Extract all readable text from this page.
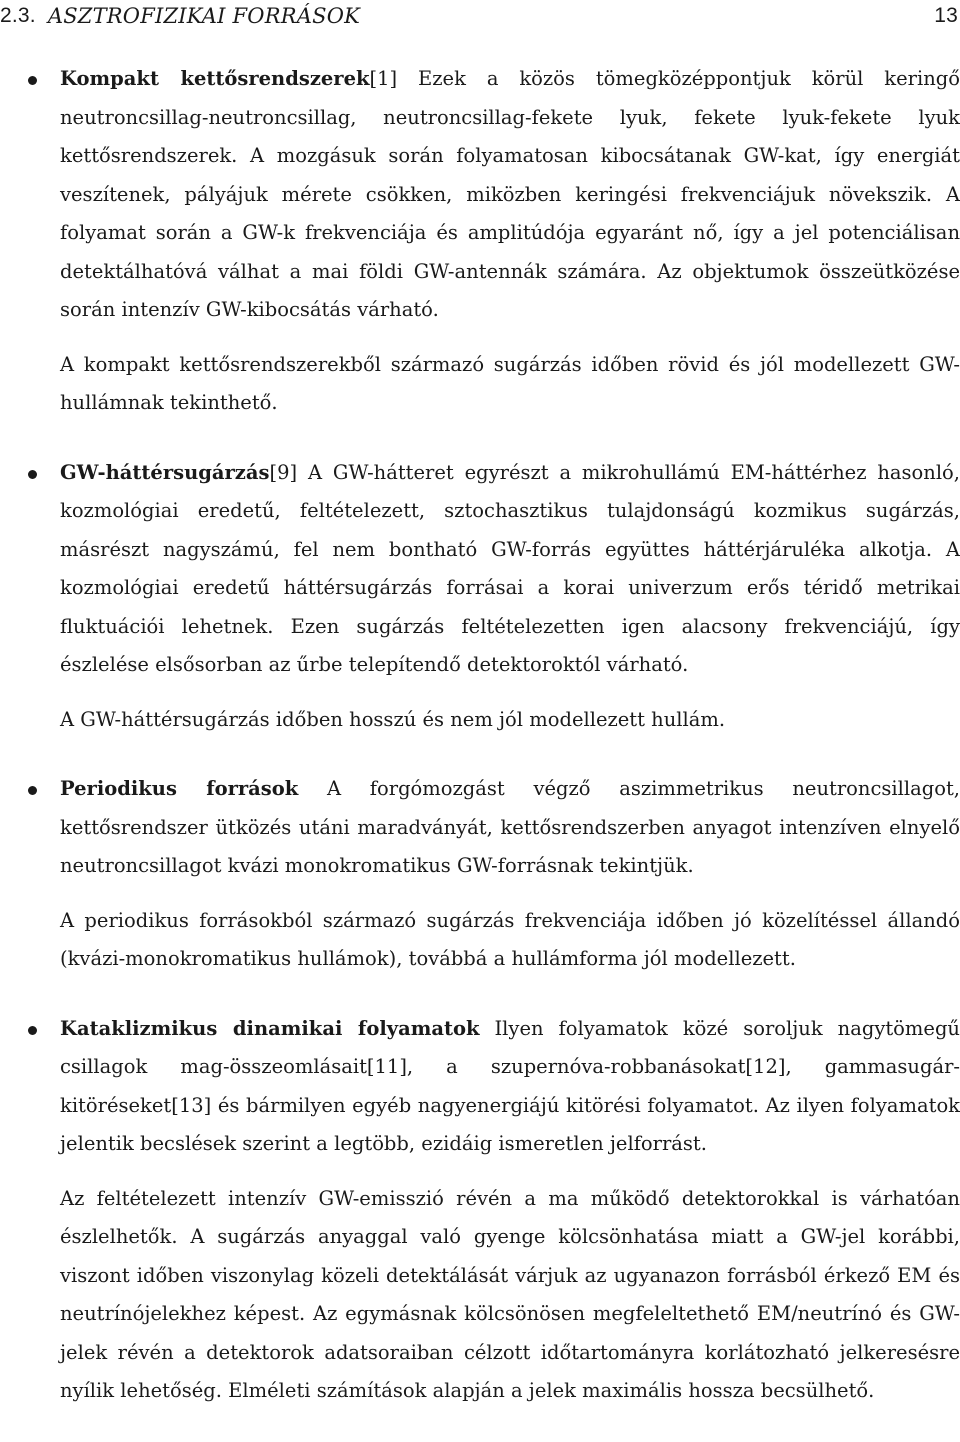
2.3. ASZTROFIZIKAI FORRÁSOK	13

Kompakt kettősrendszerek[1] Ezek a közös tömegközéppontjuk körül keringő neutroncsillag-neutroncsillag, neutroncsillag-fekete lyuk, fekete lyuk-fekete lyuk kettősrendszerek. A mozgásuk során folyamatosan kibocsátanak GW-kat, így energiát veszítenek, pályájuk mérete csökken, miközben keringési frekvenciájuk növekszik. A folyamat során a GW-k frekvenciája és amplitúdója egyaránt nő, így a jel potenciálisan detektálhatóvá válhat a mai földi GW-antennák számára. Az objektumok összeütközése során intenzív GW-kibocsátás várható.

A kompakt kettősrendszerekből származó sugárzás időben rövid és jól modellezett GW-hullámnak tekinthető.

GW-háttérsugárzás[9] A GW-hátteret egyrészt a mikrohullámú EM-háttérhez hasonló, kozmológiai eredetű, feltételezett, sztochasztikus tulajdonságú kozmikus sugárzás, másrészt nagyszámú, fel nem bontható GW-forrás együttes háttérjáruléka alkotja. A kozmológiai eredetű háttérsugárzás forrásai a korai univerzum erős téridő metrikai fluktuációi lehetnek. Ezen sugárzás feltételezetten igen alacsony frekvenciájú, így észlelése elsősorban az űrbe telepítendő detektoroktól várható.

A GW-háttérsugárzás időben hosszú és nem jól modellezett hullám.

Periodikus források A forgómozgást végző aszimmetrikus neutroncsillagot, kettősrendszer ütközés utáni maradványát, kettősrendszerben anyagot intenzíven elnyelő neutroncsillagot kvázi monokromatikus GW-forrásnak tekintjük.

A periodikus forrásokból származó sugárzás frekvenciája időben jó közelítéssel állandó (kvázi-monokromatikus hullámok), továbbá a hullámforma jól modellezett.

Kataklizmikus dinamikai folyamatok Ilyen folyamatok közé soroljuk nagytömegű csillagok mag-összeomlásait[11], a szupernóva-robbanásokat[12], gammasugár-kitöréseket[13] és bármilyen egyéb nagyenergiájú kitörési folyamatot. Az ilyen folyamatok jelentik becslések szerint a legtöbb, ezidáig ismeretlen jelforrást.

Az feltételezett intenzív GW-emisszió révén a ma működő detektorokkal is várhatóan észlelhetők. A sugárzás anyaggal való gyenge kölcsönhatása miatt a GW-jel korábbi, viszont időben viszonylag közeli detektálását várjuk az ugyanazon forrásból érkező EM és neutrínójelekhez képest. Az egymásnak kölcsönösen megfeleltethető EM/neutrínó és GW-jelek révén a detektorok adatsoraiban célzott időtartományra korlátozható jelkeresésre nyílik lehetőség. Elméleti számítások alapján a jelek maximális hossza becsülhető.
